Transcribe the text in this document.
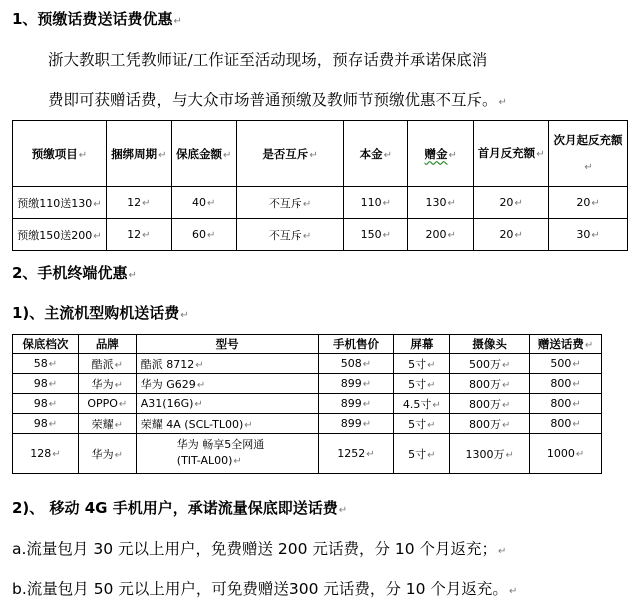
1、预缴话费送话费优惠↵
浙大教职工凭教师证/工作证至活动现场，预存话费并承诺保底消
费即可获赠话费，与大众市场普通预缴及教师节预缴优惠不互斥。↵
预缴项目↵	捆绑周期↵	保底金额↵	是否互斥↵	本金↵	赠金↵	首月反充额↵	次月起反充额↵
预缴110送130↵	12↵	40↵	不互斥↵	110↵	130↵	20↵	20↵
预缴150送200↵	12↵	60↵	不互斥↵	150↵	200↵	20↵	30↵
2、手机终端优惠↵
1)、主流机型购机送话费↵
保底档次	品牌	型号	手机售价	屏幕	摄像头	赠送话费↵
58↵	酷派↵	酷派 8712↵	508↵	5寸↵	500万↵	500↵
98↵	华为↵	华为 G629↵	899↵	5寸↵	800万↵	800↵
98↵	OPPO↵	A31(16G)↵	899↵	4.5寸↵	800万↵	800↵
98↵	荣耀↵	荣耀 4A (SCL-TL00)↵	899↵	5寸↵	800万↵	800↵
128↵	华为↵	华为 畅享5全网通 (TIT-AL00)↵	1252↵	5寸↵	1300万↵	1000↵
2)、 移动 4G 手机用户，承诺流量保底即送话费↵
a.流量包月 30 元以上用户，免费赠送 200 元话费，分 10 个月返充；↵
b.流量包月 50 元以上用户，可免费赠送300 元话费，分 10 个月返充。↵
